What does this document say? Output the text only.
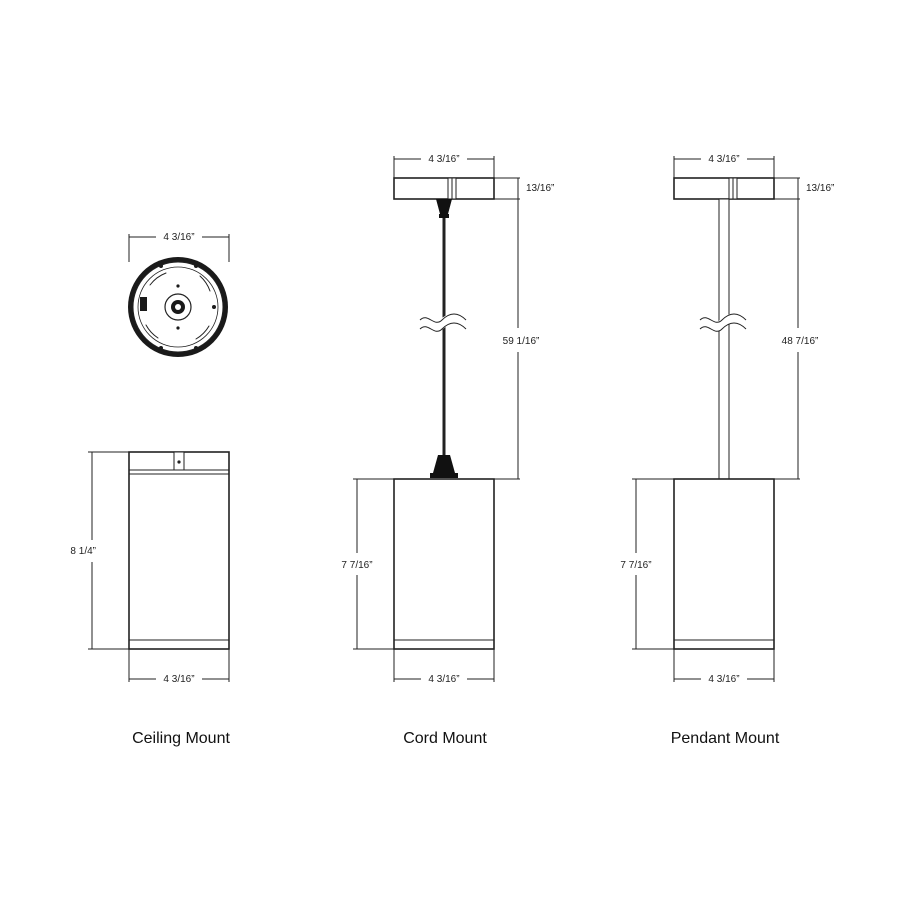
4 3/16”
8 1/4”
4 3/16”
Ceiling Mount
4 3/16”
13/16”
59 1/16”
7 7/16”
4 3/16”
Cord Mount
4 3/16”
13/16”
48 7/16”
7 7/16”
4 3/16”
Pendant Mount
